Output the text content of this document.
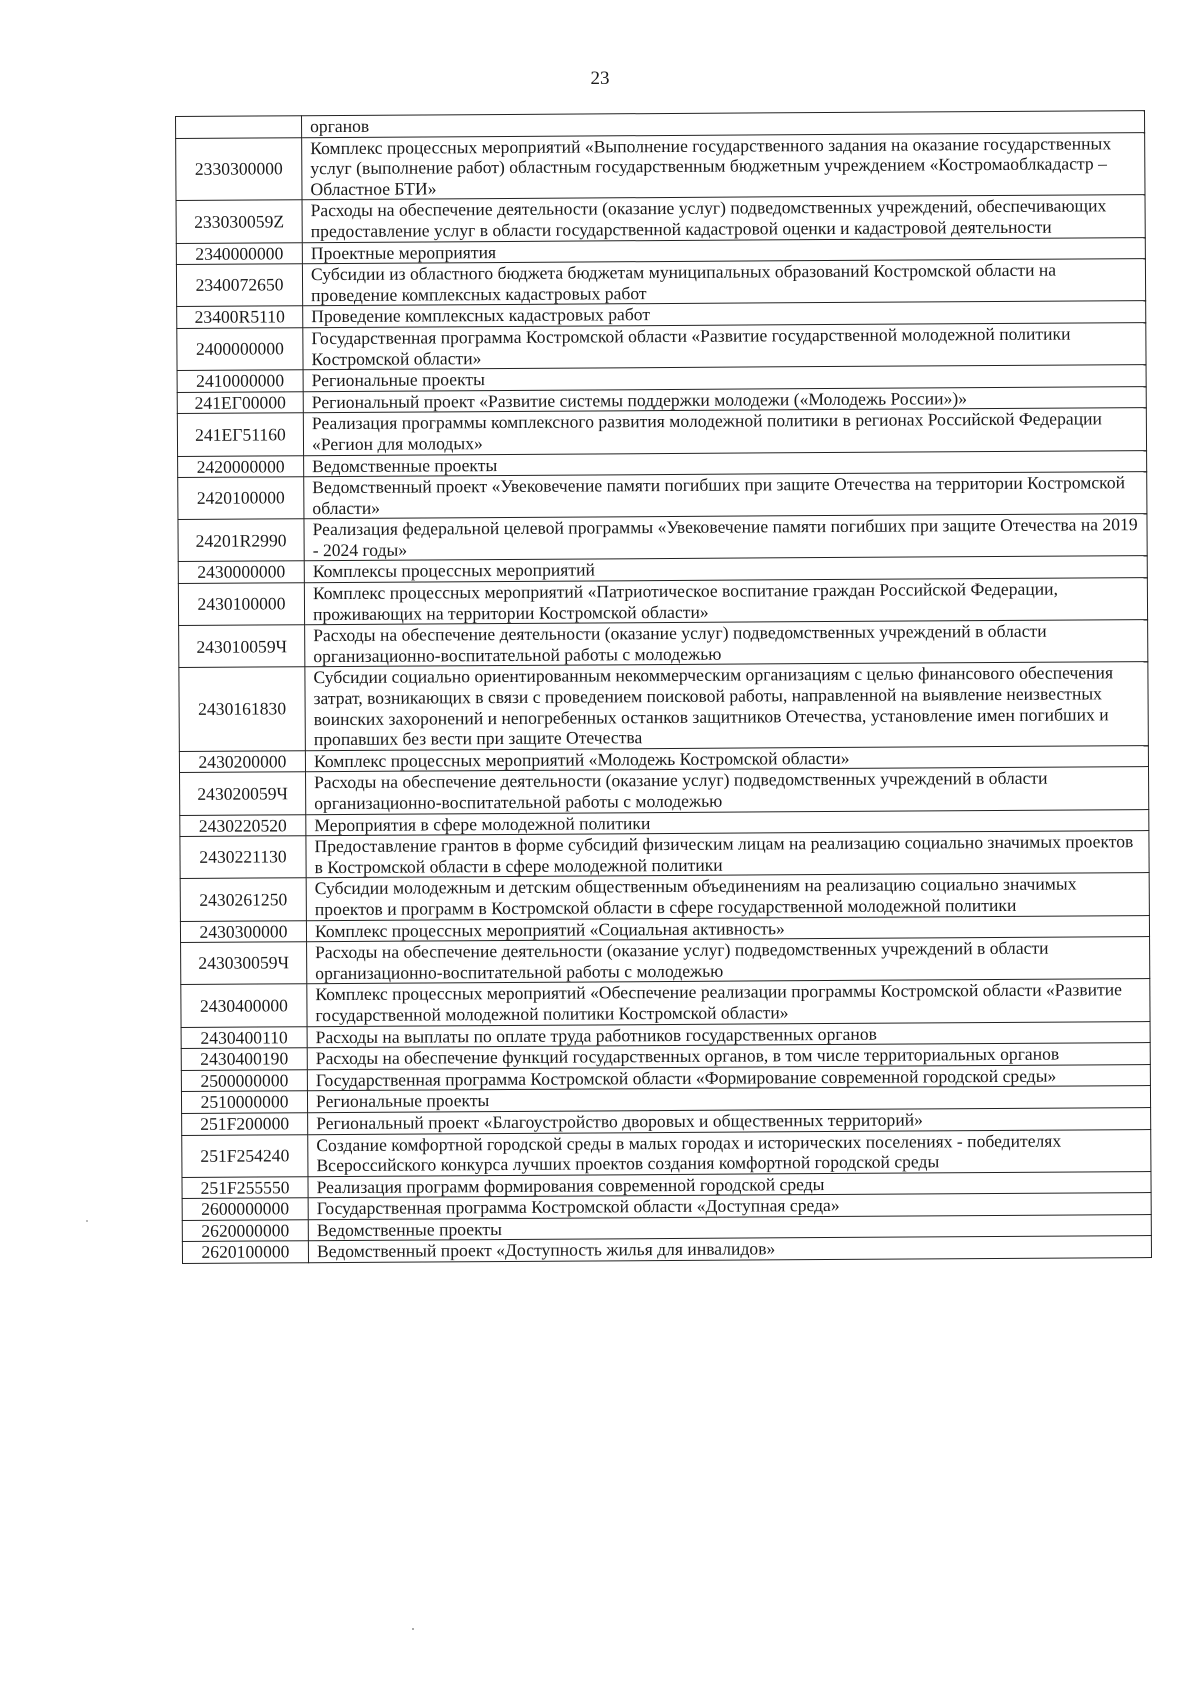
23
	органов
2330300000	Комплекс процессных мероприятий «Выполнение государственного задания на оказание государственных услуг (выполнение работ) областным государственным бюджетным учреждением «Костромаоблкадастр – Областное БТИ»
233030059Z	Расходы на обеспечение деятельности (оказание услуг) подведомственных учреждений, обеспечивающих предоставление услуг в области государственной кадастровой оценки и кадастровой деятельности
2340000000	Проектные мероприятия
2340072650	Субсидии из областного бюджета бюджетам муниципальных образований Костромской области на проведение комплексных кадастровых работ
23400R5110	Проведение комплексных кадастровых работ
2400000000	Государственная программа Костромской области «Развитие государственной молодежной политики Костромской области»
2410000000	Региональные проекты
241ЕГ00000	Региональный проект «Развитие системы поддержки молодежи («Молодежь России»)»
241ЕГ51160	Реализация программы комплексного развития молодежной политики в регионах Российской Федерации «Регион для молодых»
2420000000	Ведомственные проекты
2420100000	Ведомственный проект «Увековечение памяти погибших при защите Отечества на территории Костромской области»
24201R2990	Реализация федеральной целевой программы «Увековечение памяти погибших при защите Отечества на 2019 - 2024 годы»
2430000000	Комплексы процессных мероприятий
2430100000	Комплекс процессных мероприятий «Патриотическое воспитание граждан Российской Федерации, проживающих на территории Костромской области»
243010059Ч	Расходы на обеспечение деятельности (оказание услуг) подведомственных учреждений в области организационно-воспитательной работы с молодежью
2430161830	Субсидии социально ориентированным некоммерческим организациям с целью финансового обеспечения затрат, возникающих в связи с проведением поисковой работы, направленной на выявление неизвестных воинских захоронений и непогребенных останков защитников Отечества, установление имен погибших и пропавших без вести при защите Отечества
2430200000	Комплекс процессных мероприятий «Молодежь Костромской области»
243020059Ч	Расходы на обеспечение деятельности (оказание услуг) подведомственных учреждений в области организационно-воспитательной работы с молодежью
2430220520	Мероприятия в сфере молодежной политики
2430221130	Предоставление грантов в форме субсидий физическим лицам на реализацию социально значимых проектов в Костромской области в сфере молодежной политики
2430261250	Субсидии молодежным и детским общественным объединениям на реализацию социально значимых проектов и программ в Костромской области в сфере государственной молодежной политики
2430300000	Комплекс процессных мероприятий «Социальная активность»
243030059Ч	Расходы на обеспечение деятельности (оказание услуг) подведомственных учреждений в области организационно-воспитательной работы с молодежью
2430400000	Комплекс процессных мероприятий «Обеспечение реализации программы Костромской области «Развитие государственной молодежной политики Костромской области»
2430400110	Расходы на выплаты по оплате труда работников государственных органов
2430400190	Расходы на обеспечение функций государственных органов, в том числе территориальных органов
2500000000	Государственная программа Костромской области «Формирование современной городской среды»
2510000000	Региональные проекты
251F200000	Региональный проект «Благоустройство дворовых и общественных территорий»
251F254240	Создание комфортной городской среды в малых городах и исторических поселениях - победителях Всероссийского конкурса лучших проектов создания комфортной городской среды
251F255550	Реализация программ формирования современной городской среды
2600000000	Государственная программа Костромской области «Доступная среда»
2620000000	Ведомственные проекты
2620100000	Ведомственный проект «Доступность жилья для инвалидов»
